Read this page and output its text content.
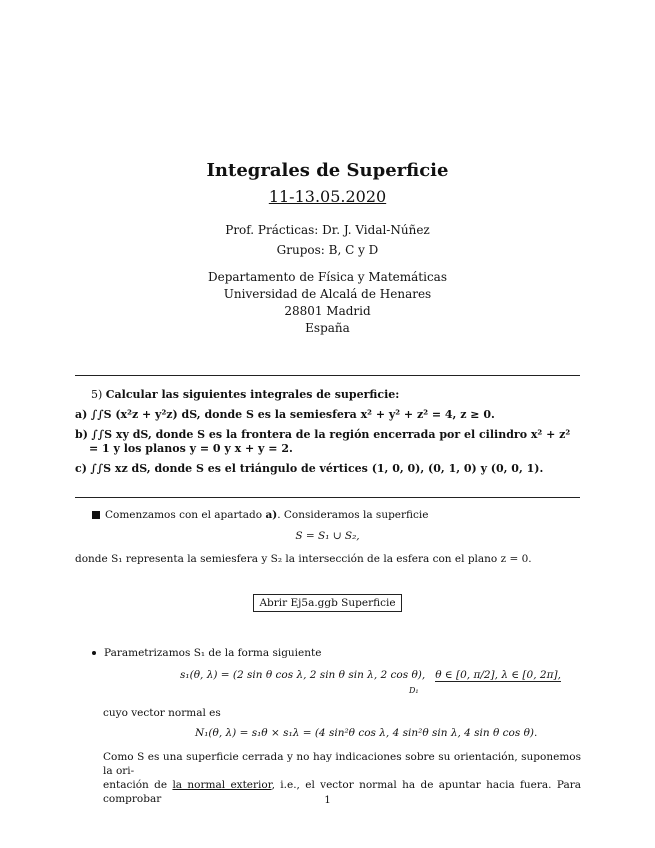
Integrales de Superficie
11-13.05.2020
Prof. Prácticas: Dr. J. Vidal-Núñez
Grupos: B, C y D
Departamento de Física y Matemáticas
Universidad de Alcalá de Henares
28801 Madrid
España
5) Calcular las siguientes integrales de superficie:
a) ∫∫S (x²z + y²z) dS, donde S es la semiesfera x² + y² + z² = 4, z ≥ 0.
b) ∫∫S xy dS, donde S es la frontera de la región encerrada por el cilindro x² + z² = 1 y los planos y = 0 y x + y = 2.
c) ∫∫S xz dS, donde S es el triángulo de vértices (1, 0, 0), (0, 1, 0) y (0, 0, 1).
Comenzamos con el apartado a). Consideramos la superficie
S = S₁ ∪ S₂,
donde S₁ representa la semiesfera y S₂ la intersección de la esfera con el plano z = 0.
Abrir Ej5a.ggb Superficie
Parametrizamos S₁ de la forma siguiente
s₁(θ, λ) = (2 sin θ cos λ, 2 sin θ sin λ, 2 cos θ), θ ∈ [0, π/2], λ ∈ [0, 2π],
D₁
cuyo vector normal es
N₁(θ, λ) = s₁θ × s₁λ = (4 sin²θ cos λ, 4 sin²θ sin λ, 4 sin θ cos θ).
Como S es una superficie cerrada y no hay indicaciones sobre su orientación, suponemos la ori-
entación de la normal exterior, i.e., el vector normal ha de apuntar hacia fuera. Para comprobar	1
